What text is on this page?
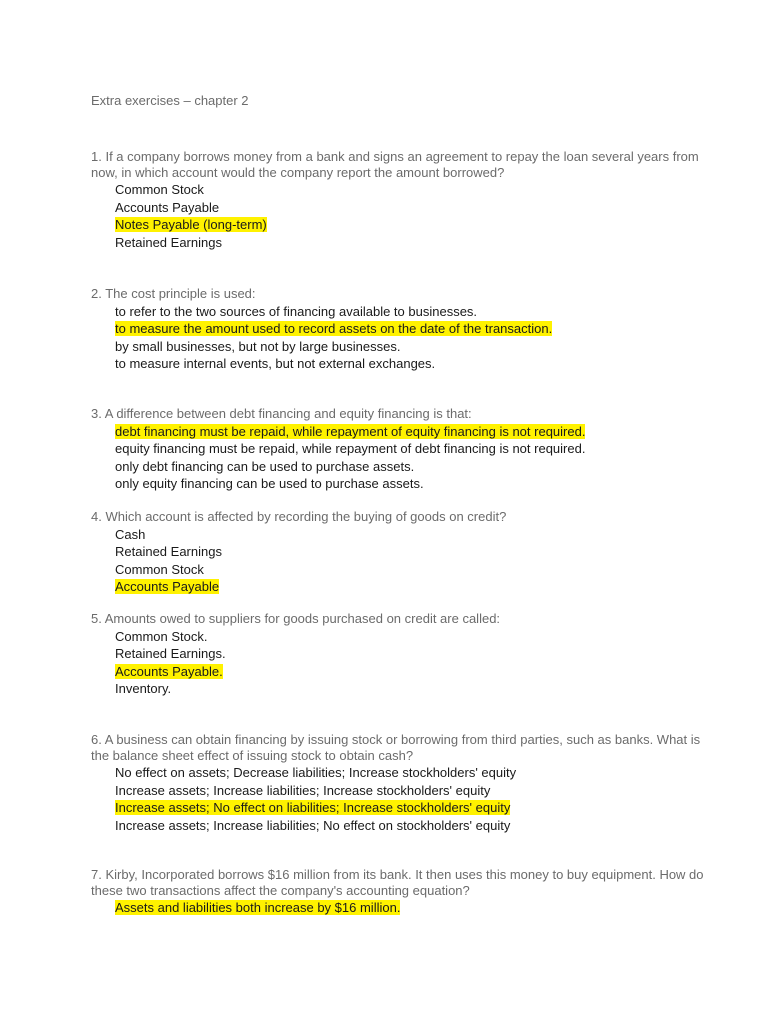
Extra exercises – chapter 2
1. If a company borrows money from a bank and signs an agreement to repay the loan several years from now, in which account would the company report the amount borrowed?
Common Stock
Accounts Payable
Notes Payable (long-term)
Retained Earnings
2. The cost principle is used:
to refer to the two sources of financing available to businesses.
to measure the amount used to record assets on the date of the transaction.
by small businesses, but not by large businesses.
to measure internal events, but not external exchanges.
3. A difference between debt financing and equity financing is that:
debt financing must be repaid, while repayment of equity financing is not required.
equity financing must be repaid, while repayment of debt financing is not required.
only debt financing can be used to purchase assets.
only equity financing can be used to purchase assets.
4. Which account is affected by recording the buying of goods on credit?
Cash
Retained Earnings
Common Stock
Accounts Payable
5. Amounts owed to suppliers for goods purchased on credit are called:
Common Stock.
Retained Earnings.
Accounts Payable.
Inventory.
6. A business can obtain financing by issuing stock or borrowing from third parties, such as banks. What is the balance sheet effect of issuing stock to obtain cash?
No effect on assets; Decrease liabilities; Increase stockholders' equity
Increase assets; Increase liabilities; Increase stockholders' equity
Increase assets; No effect on liabilities; Increase stockholders' equity
Increase assets; Increase liabilities; No effect on stockholders' equity
7. Kirby, Incorporated borrows $16 million from its bank. It then uses this money to buy equipment. How do these two transactions affect the company's accounting equation?
Assets and liabilities both increase by $16 million.
